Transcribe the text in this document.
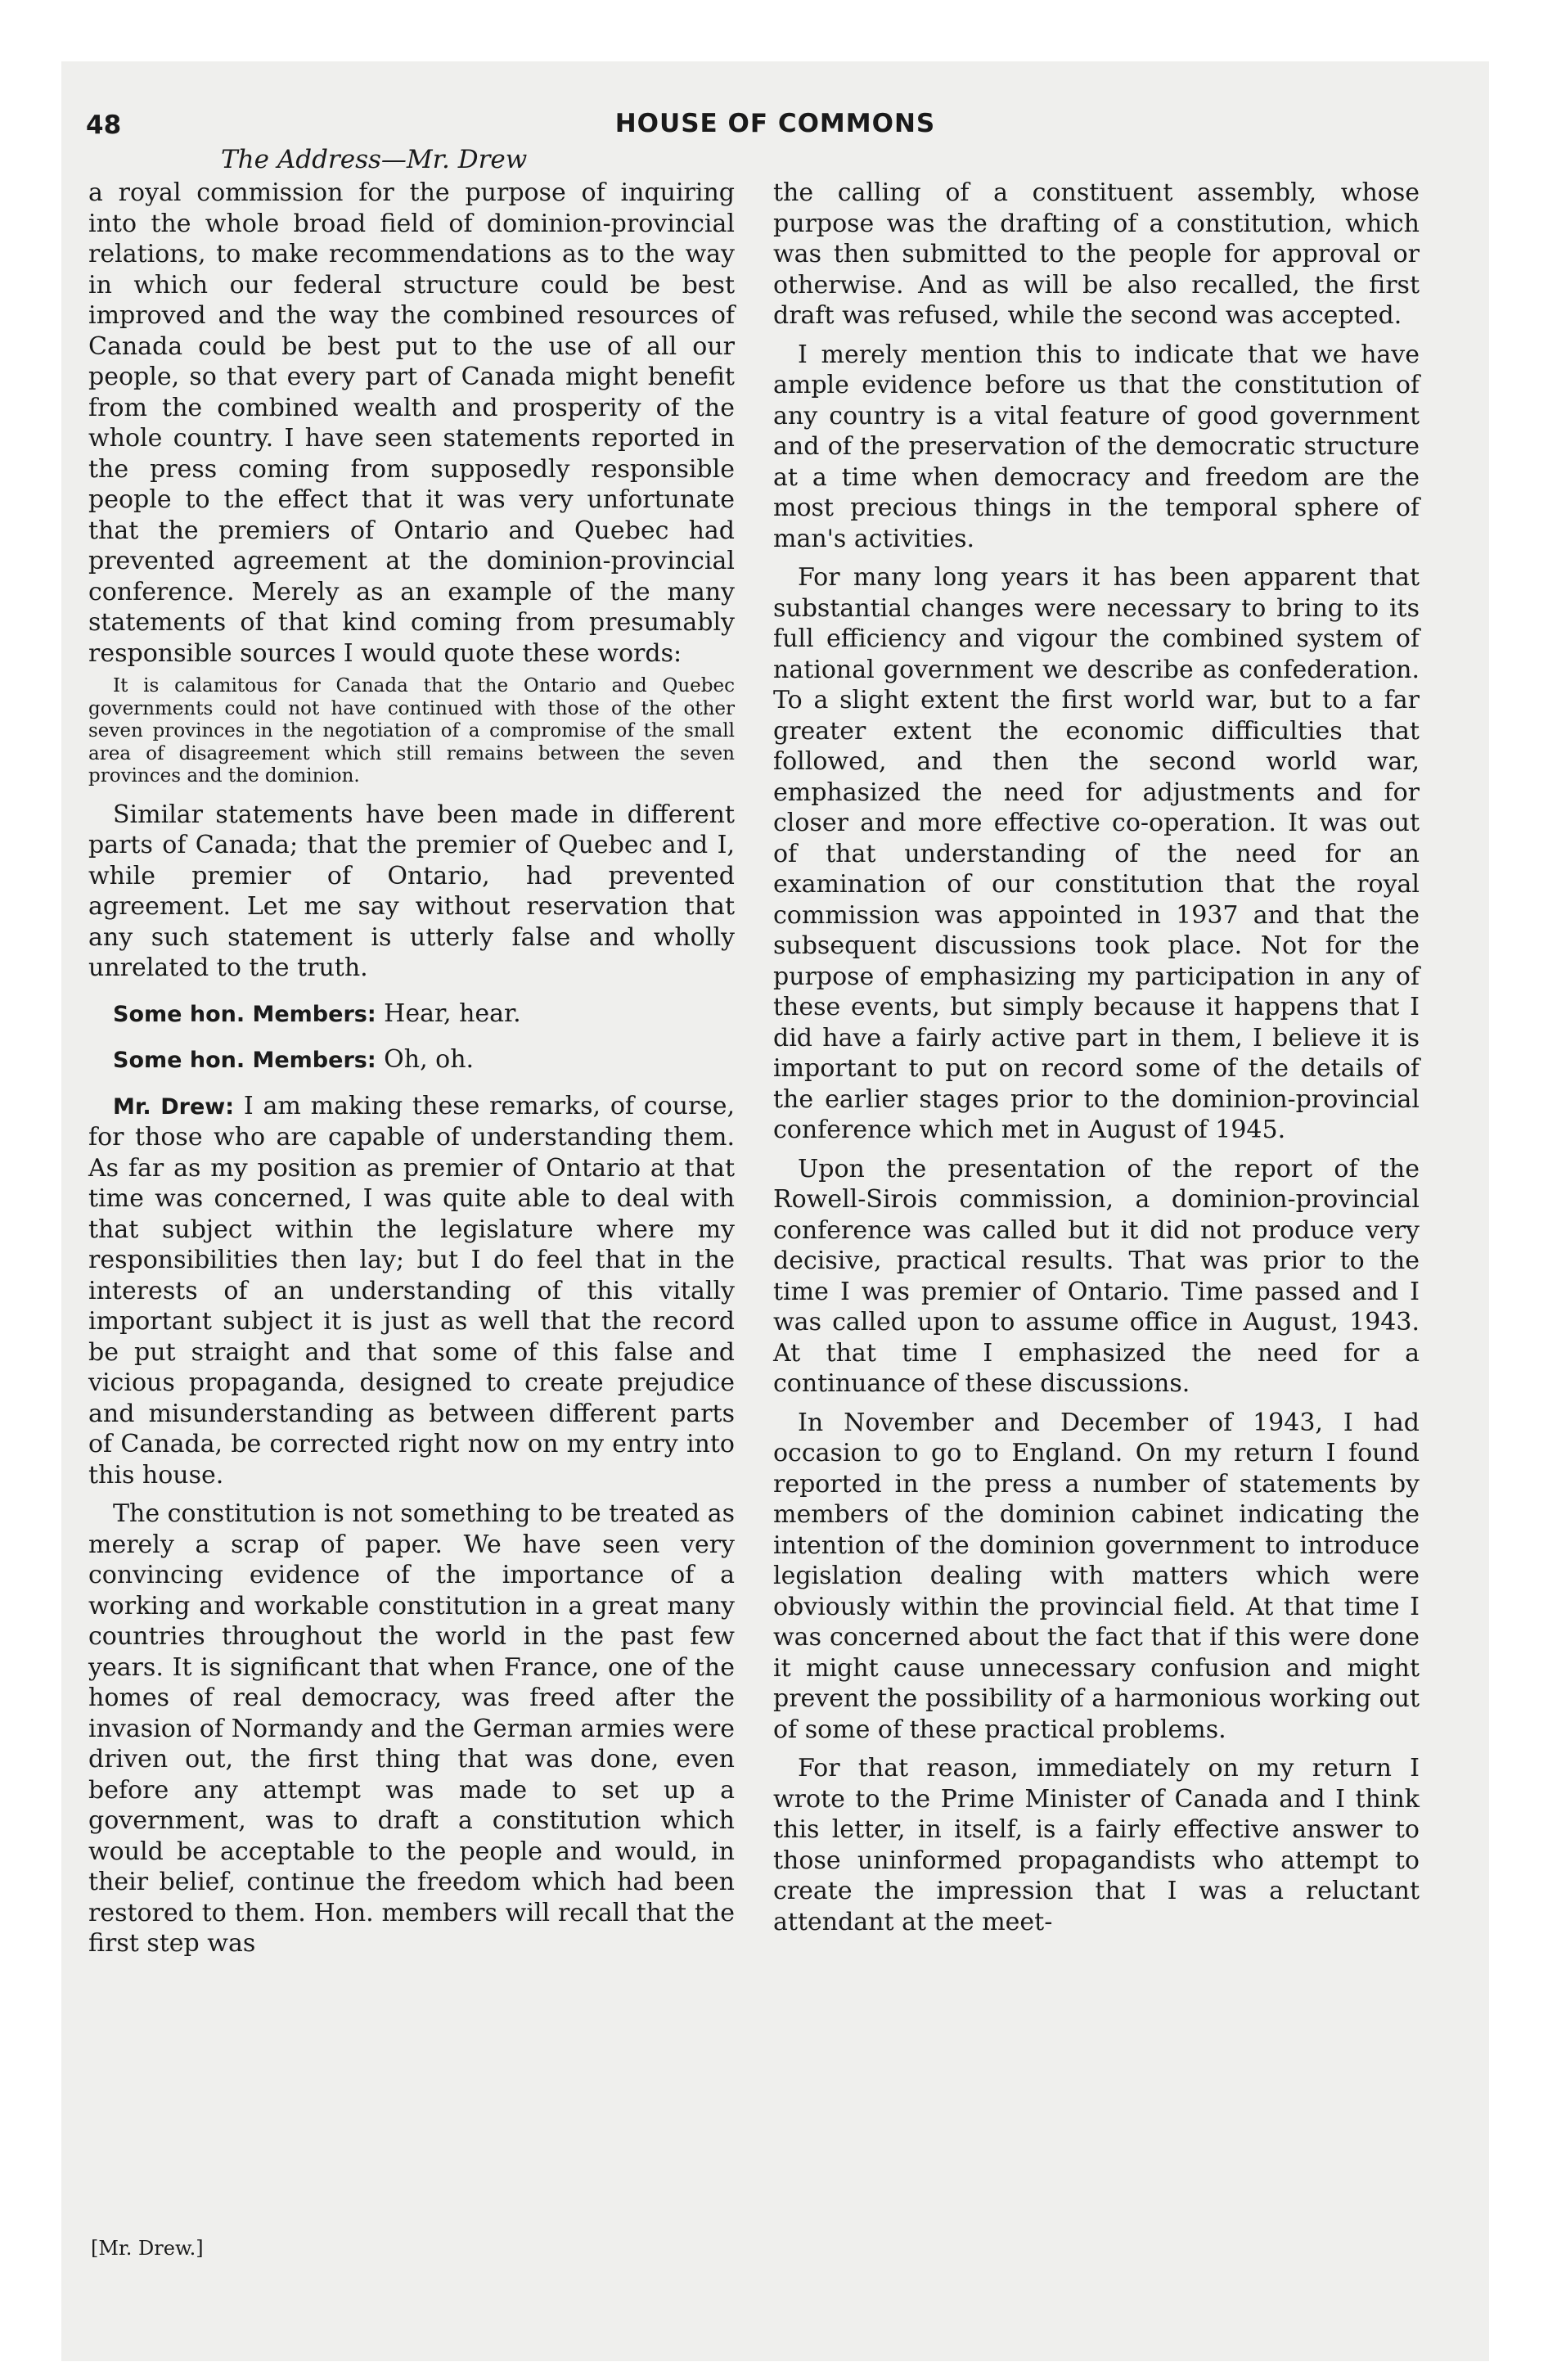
48	HOUSE OF COMMONS

The Address—Mr. Drew

a royal commission for the purpose of inquiring into the whole broad field of dominion-provincial relations, to make recommendations as to the way in which our federal structure could be best improved and the way the combined resources of Canada could be best put to the use of all our people, so that every part of Canada might benefit from the combined wealth and prosperity of the whole country. I have seen statements reported in the press coming from supposedly responsible people to the effect that it was very unfortunate that the premiers of Ontario and Quebec had prevented agreement at the dominion-provincial conference. Merely as an example of the many statements of that kind coming from presumably responsible sources I would quote these words:

It is calamitous for Canada that the Ontario and Quebec governments could not have continued with those of the other seven provinces in the negotiation of a compromise of the small area of disagreement which still remains between the seven provinces and the dominion.

Similar statements have been made in different parts of Canada; that the premier of Quebec and I, while premier of Ontario, had prevented agreement. Let me say without reservation that any such statement is utterly false and wholly unrelated to the truth.

Some hon. Members: Hear, hear.

Some hon. Members: Oh, oh.

Mr. Drew: I am making these remarks, of course, for those who are capable of understanding them. As far as my position as premier of Ontario at that time was concerned, I was quite able to deal with that subject within the legislature where my responsibilities then lay; but I do feel that in the interests of an understanding of this vitally important subject it is just as well that the record be put straight and that some of this false and vicious propaganda, designed to create prejudice and misunderstanding as between different parts of Canada, be corrected right now on my entry into this house.

The constitution is not something to be treated as merely a scrap of paper. We have seen very convincing evidence of the importance of a working and workable constitution in a great many countries throughout the world in the past few years. It is significant that when France, one of the homes of real democracy, was freed after the invasion of Normandy and the German armies were driven out, the first thing that was done, even before any attempt was made to set up a government, was to draft a constitution which would be acceptable to the people and would, in their belief, continue the freedom which had been restored to them. Hon. members will recall that the first step was

the calling of a constituent assembly, whose purpose was the drafting of a constitution, which was then submitted to the people for approval or otherwise. And as will be also recalled, the first draft was refused, while the second was accepted.

I merely mention this to indicate that we have ample evidence before us that the constitution of any country is a vital feature of good government and of the preservation of the democratic structure at a time when democracy and freedom are the most precious things in the temporal sphere of man's activities.

For many long years it has been apparent that substantial changes were necessary to bring to its full efficiency and vigour the combined system of national government we describe as confederation. To a slight extent the first world war, but to a far greater extent the economic difficulties that followed, and then the second world war, emphasized the need for adjustments and for closer and more effective co-operation. It was out of that understanding of the need for an examination of our constitution that the royal commission was appointed in 1937 and that the subsequent discussions took place. Not for the purpose of emphasizing my participation in any of these events, but simply because it happens that I did have a fairly active part in them, I believe it is important to put on record some of the details of the earlier stages prior to the dominion-provincial conference which met in August of 1945.

Upon the presentation of the report of the Rowell-Sirois commission, a dominion-provincial conference was called but it did not produce very decisive, practical results. That was prior to the time I was premier of Ontario. Time passed and I was called upon to assume office in August, 1943. At that time I emphasized the need for a continuance of these discussions.

In November and December of 1943, I had occasion to go to England. On my return I found reported in the press a number of statements by members of the dominion cabinet indicating the intention of the dominion government to introduce legislation dealing with matters which were obviously within the provincial field. At that time I was concerned about the fact that if this were done it might cause unnecessary confusion and might prevent the possibility of a harmonious working out of some of these practical problems.

For that reason, immediately on my return I wrote to the Prime Minister of Canada and I think this letter, in itself, is a fairly effective answer to those uninformed propagandists who attempt to create the impression that I was a reluctant attendant at the meet-

[Mr. Drew.]
